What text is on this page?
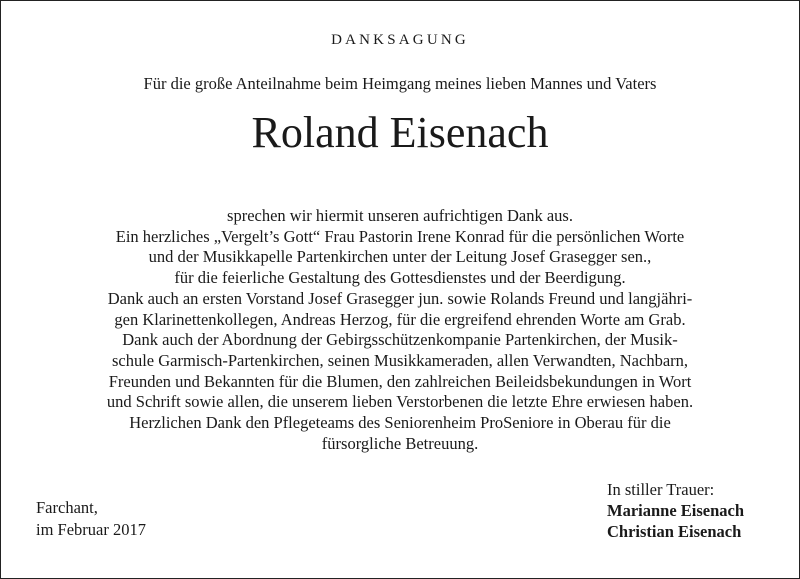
DANKSAGUNG
Für die große Anteilnahme beim Heimgang meines lieben Mannes und Vaters
Roland Eisenach
sprechen wir hiermit unseren aufrichtigen Dank aus.
Ein herzliches „Vergelt’s Gott“ Frau Pastorin Irene Konrad für die persönlichen Worte
und der Musikkapelle Partenkirchen unter der Leitung Josef Grasegger sen.,
für die feierliche Gestaltung des Gottesdienstes und der Beerdigung.
Dank auch an ersten Vorstand Josef Grasegger jun. sowie Rolands Freund und langjähri-
gen Klarinettenkollegen, Andreas Herzog, für die ergreifend ehrenden Worte am Grab.
Dank auch der Abordnung der Gebirgsschützenkompanie Partenkirchen, der Musik-
schule Garmisch-Partenkirchen, seinen Musikkameraden, allen Verwandten, Nachbarn,
Freunden und Bekannten für die Blumen, den zahlreichen Beileidsbekundungen in Wort
und Schrift sowie allen, die unserem lieben Verstorbenen die letzte Ehre erwiesen haben.
Herzlichen Dank den Pflegeteams des Seniorenheim ProSeniore in Oberau für die
fürsorgliche Betreuung.
Farchant,
im Februar 2017
In stiller Trauer:
Marianne Eisenach
Christian Eisenach
